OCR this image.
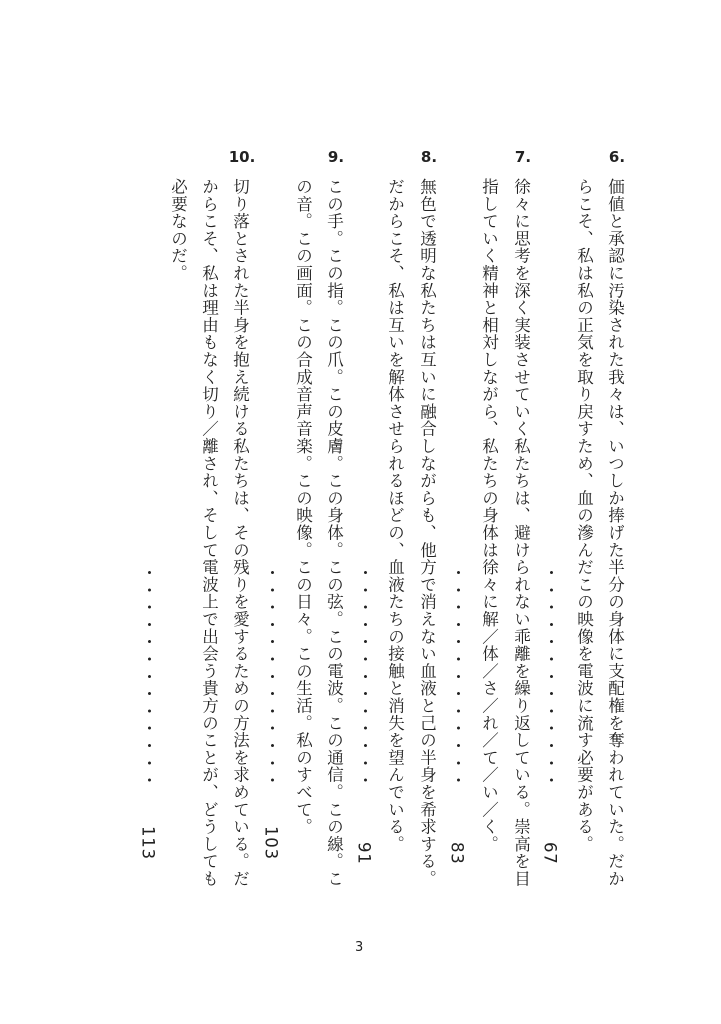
6.
価値と承認に汚染された我々は、いつしか捧げた半分の身体に支配権を奪われていた。だか
らこそ、私は私の正気を取り戻すため、血の滲んだこの映像を電波に流す必要がある。
・・・・・・・・・・・・・
67
7.
徐々に思考を深く実装させていく私たちは、避けられない乖離を繰り返している。崇高を目
指していく精神と相対しながら、私たちの身体は徐々に解／体／さ／れ／て／い／く。
・・・・・・・・・・・・・
83
8.
無色で透明な私たちは互いに融合しながらも、他方で消えない血液と己の半身を希求する。
だからこそ、私は互いを解体させられるほどの、血液たちの接触と消失を望んでいる。
・・・・・・・・・・・・・
91
9.
この手。この指。この爪。この皮膚。この身体。この弦。この電波。この通信。この線。こ
の音。この画面。この合成音声音楽。この映像。この日々。この生活。私のすべて。
・・・・・・・・・・・・・
103
10.
切り落とされた半身を抱え続ける私たちは、その残りを愛するための方法を求めている。だ
からこそ、私は理由もなく切り／離され、そして電波上で出会う貴方のことが、どうしても
必要なのだ。
・・・・・・・・・・・・・
113
3
